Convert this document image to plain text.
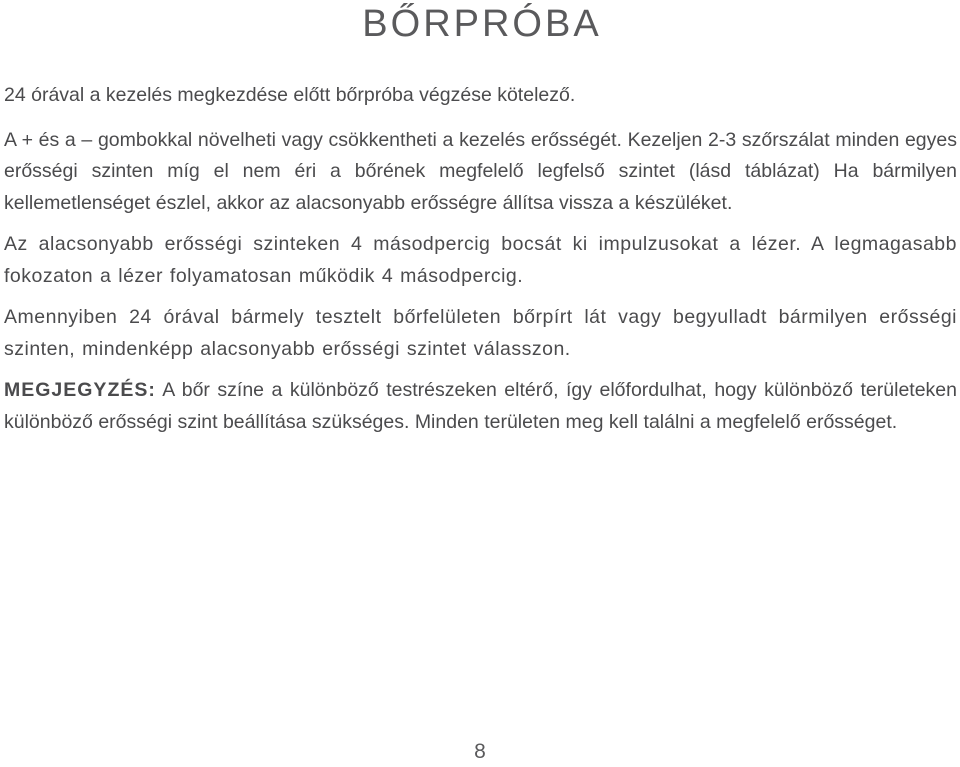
BŐRPRÓBA

24 órával a kezelés megkezdése előtt bőrpróba végzése kötelező.

A + és a – gombokkal növelheti vagy csökkentheti a kezelés erősségét. Kezeljen 2-3 szőrszálat minden egyes erősségi szinten míg el nem éri a bőrének megfelelő legfelső szintet (lásd táblázat) Ha bármilyen kellemetlenséget észlel, akkor az alacsonyabb erősségre állítsa vissza a készüléket.

Az alacsonyabb erősségi szinteken 4 másodpercig bocsát ki impulzusokat a lézer. A legmagasabb fokozaton a lézer folyamatosan működik 4 másodpercig.

Amennyiben 24 órával bármely tesztelt bőrfelületen bőrpírt lát vagy begyulladt bármilyen erősségi szinten, mindenképp alacsonyabb erősségi szintet válasszon.

MEGJEGYZÉS: A bőr színe a különböző testrészeken eltérő, így előfordulhat, hogy különböző területeken különböző erősségi szint beállítása szükséges. Minden területen meg kell találni a megfelelő erősséget.

8
